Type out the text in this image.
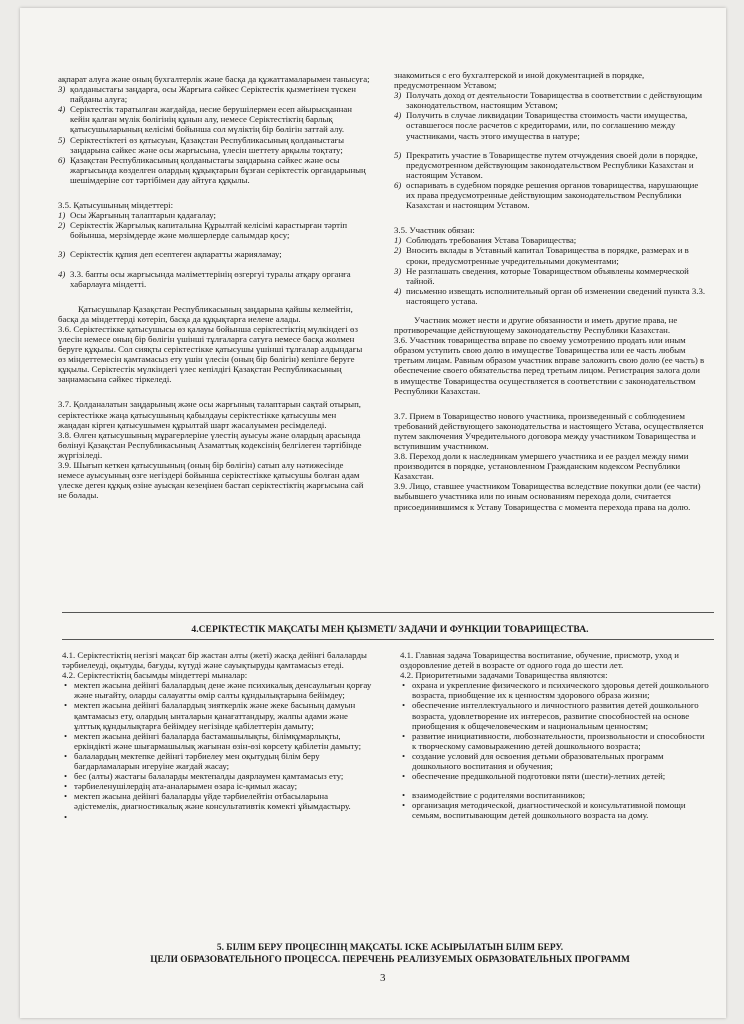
ақпарат алуға және оның бухгалтерлік және басқа да құжаттамаларымен танысуға;

3) қолданыстағы заңдарға, осы Жарғыға сәйкес Серіктестік қызметінен түскен пайданы алуға;

4) Серіктестік таратылған жағдайда, несие берушілермен есеп айырысқаннан кейін қалған мүлік бөлігінің құнын алу, немесе Серіктестіктің барлық қатысушыларының келісімі бойынша сол мүліктің бір бөлігін заттай алу.

5) Серіктестіктегі өз қатысуын, Қазақстан Республикасының қолданыстағы заңдарына сәйкес және осы жарғысына, үлесін шеттету арқылы тоқтату;

6) Қазақстан Республикасының қолданыстағы заңдарына сәйкес және осы жарғысында көзделген олардың құқықтарын бұзған серіктестік органдарының шешімдеріне сот тәртібімен дау айтуға құқылы.

3.5. Қатысушының міндеттері:

1) Осы Жарғының талаптарын қадағалау;

2) Серіктестік Жарғылық капиталына Құрылтай келісімі карастырған тәртіп бойынша, мерзімдерде және мөлшерлерде салымдар қосу;

3) Серіктестік құпия деп есептеген ақпаратты жарияламау;

4) 3.3. бапты осы жарғысында мәліметтерінің өзгергуі туралы атқару органға хабарлауға міндетті.

Қатысушылар Қазақстан Республикасының заңдарына қайшы келмейтін, басқа да міндеттерді көтеріп, басқа да құқықтарға иелене алады.

3.6. Серіктестікке қатысушысы өз қалауы бойынша серіктестіктің мүлкіндегі өз үлесін немесе оның бір бөлігін үшінші тұлғаларға сатуға немесе басқа жолмен беруге құқылы. Сол сияқты серіктестікке қатысушы үшінші тұлғалар алдындағы өз міндеттемесін қамтамасыз ету үшін үлесін (оның бір бөлігін) кепілге беруге құқылы. Серіктестік мүлкіндегі үлес кепілдігі Қазақстан Республикасының заңнамасына сәйкес тіркеледі.

3.7. Қолданалатын заңдарының және осы жарғының талаптарын сақтай отырып, серіктестікке жаңа қатысушының қабылдауы серіктестікке қатысушы мен жаңадан кірген қатысушымен құрылтай шарт жасалуымен ресімделеді.

3.8. Өлген қатысушының мұрагерлеріне үлестің ауысуы және олардың арасында бөлінуі Қазақстан Республикасының Азаматтық кодексінің белгілеген тәртібінде жүргізіледі.

3.9. Шығып кеткен қатысушының (оның бір бөлігін) сатып алу нәтижесінде немесе ауысуының өзге негіздері бойынша серіктестікке қатысушы болған адам үлеске деген құқық өзіне ауысқан кезеңінен бастап серіктестіктің жарғысына сай не болады.

знакомиться с его бухгалтерской и иной документацией в порядке, предусмотренном Уставом;

3) Получать доход от деятельности Товарищества в соответствии с действующим законодательством, настоящим Уставом;

4) Получить в случае ликвидации Товарищества стоимость части имущества, оставшегося после расчетов с кредиторами, или, по соглашению между участниками, часть этого имущества в натуре;

5) Прекратить участие в Товариществе путем отчуждения своей доли в порядке, предусмотренном действующим законодательством Республики Казахстан и настоящим Уставом.

6) оспаривать в судебном порядке решения органов товарищества, нарушающие их права предусмотренные действующим законодательством Республики Казахстан и настоящим Уставом.

3.5. Участник обязан:

1) Соблюдать требования Устава Товарищества;

2) Вносить вклады в Уставный капитал Товарищества в порядке, размерах и в сроки, предусмотренные учредительными документами;

3) Не разглашать сведения, которые Товариществом объявлены коммерческой тайной.

4) письменно извещать исполнительный орган об изменении сведений пункта 3.3. настоящего устава.

Участник может нести и другие обязанности и иметь другие права, не противоречащие действующему законодательству Республики Казахстан.

3.6. Участник товарищества вправе по своему усмотрению продать или иным образом уступить свою долю в имуществе Товарищества или ее часть любым третьим лицам. Равным образом участник вправе заложить свою долю (ее часть) в обеспечение своего обязательства перед третьим лицом. Регистрация залога доли в имуществе Товарищества осуществляется в соответствии с законодательством Республики Казахстан.

3.7. Прием в Товарищество нового участника, произведенный с соблюдением требований действующего законодательства и настоящего Устава, осуществляется путем заключения Учредительного договора между участником Товарищества и вступившим участником.

3.8. Переход доли к наследникам умершего участника и ее раздел между ними производится в порядке, установленном Гражданским кодексом Республики Казахстан.

3.9. Лицо, ставшее участником Товарищества вследствие покупки доли (ее части) выбывшего участника или по иным основаниям перехода доли, считается присоединившимся к Уставу Товарищества с момента перехода права на долю.

4.СЕРІКТЕСТІК МАҚСАТЫ МЕН ҚЫЗМЕТІ/ ЗАДАЧИ И ФУНКЦИИ ТОВАРИЩЕСТВА.

4.1. Серіктестіктің негізгі мақсат бір жастан алты (жеті) жасқа дейінгі балаларды тәрбиелеуді, оқытуды, бағуды, күтуді және сауықтыруды қамтамасыз етеді.

4.2. Серіктестіктің басымды міндеттері мыналар:

• мектеп жасына дейінгі балалардың дене және психикалық денсаулығын қорғау және нығайту, оларды салауатты өмір салты құндылықтарына бейімдеу;

• мектеп жасына дейінгі балалардың зияткерлік және жеке басының дамуын қамтамасыз ету, олардың ынталарын қанағаттандыру, жалпы адами және ұлттық құндылықтарға бейімдеу негізінде қабілеттерін дамыту;

• мектеп жасына дейінгі балаларда бастамашылықты, білімқұмарлықты, еркіндікті және шығармашылық жағынан өзін-өзі көрсету қабілетін дамыту;

• балалардың мектепке дейінгі тәрбиелеу мен оқытудың білім беру бағдарламаларын игеруіне жағдай жасау;

• бес (алты) жастағы балаларды мектепалды даярлаумен қамтамасыз ету;

• тәрбиеленушілердің ата-аналарымен өзара іс-қимыл жасау;

• мектеп жасына дейінгі балаларды үйде тәрбиелейтін отбасыларына әдістемелік, диагностикалық және консультативтік көмекті ұйымдастыру.

4.1. Главная задача Товарищества воспитание, обучение, присмотр, уход и оздоровление детей в возрасте от одного года до шести лет.

4.2. Приоритетными задачами Товарищества являются:

• охрана и укрепление физического и психического здоровья детей дошкольного возраста, приобщение их к ценностям здорового образа жизни;

• обеспечение интеллектуального и личностного развития детей дошкольного возраста, удовлетворение их интересов, развитие способностей на основе приобщения к общечеловеческим и национальным ценностям;

• развитие инициативности, любознательности, произвольности и способности к творческому самовыражению детей дошкольного возраста;

• создание условий для освоения детьми образовательных программ дошкольного воспитания и обучения;

• обеспечение предшкольной подготовки пяти (шести)-летних детей;

• взаимодействие с родителями воспитанников;

• организация методической, диагностической и консультативной помощи семьям, воспитывающим детей дошкольного возраста на дому.

5. БІЛІМ БЕРУ ПРОЦЕСІНІҢ МАҚСАТЫ. ІСКЕ АСЫРЫЛАТЫН БІЛІМ БЕРУ.
ЦЕЛИ ОБРАЗОВАТЕЛЬНОГО ПРОЦЕССА. ПЕРЕЧЕНЬ РЕАЛИЗУЕМЫХ ОБРАЗОВАТЕЛЬНЫХ ПРОГРАММ
3
